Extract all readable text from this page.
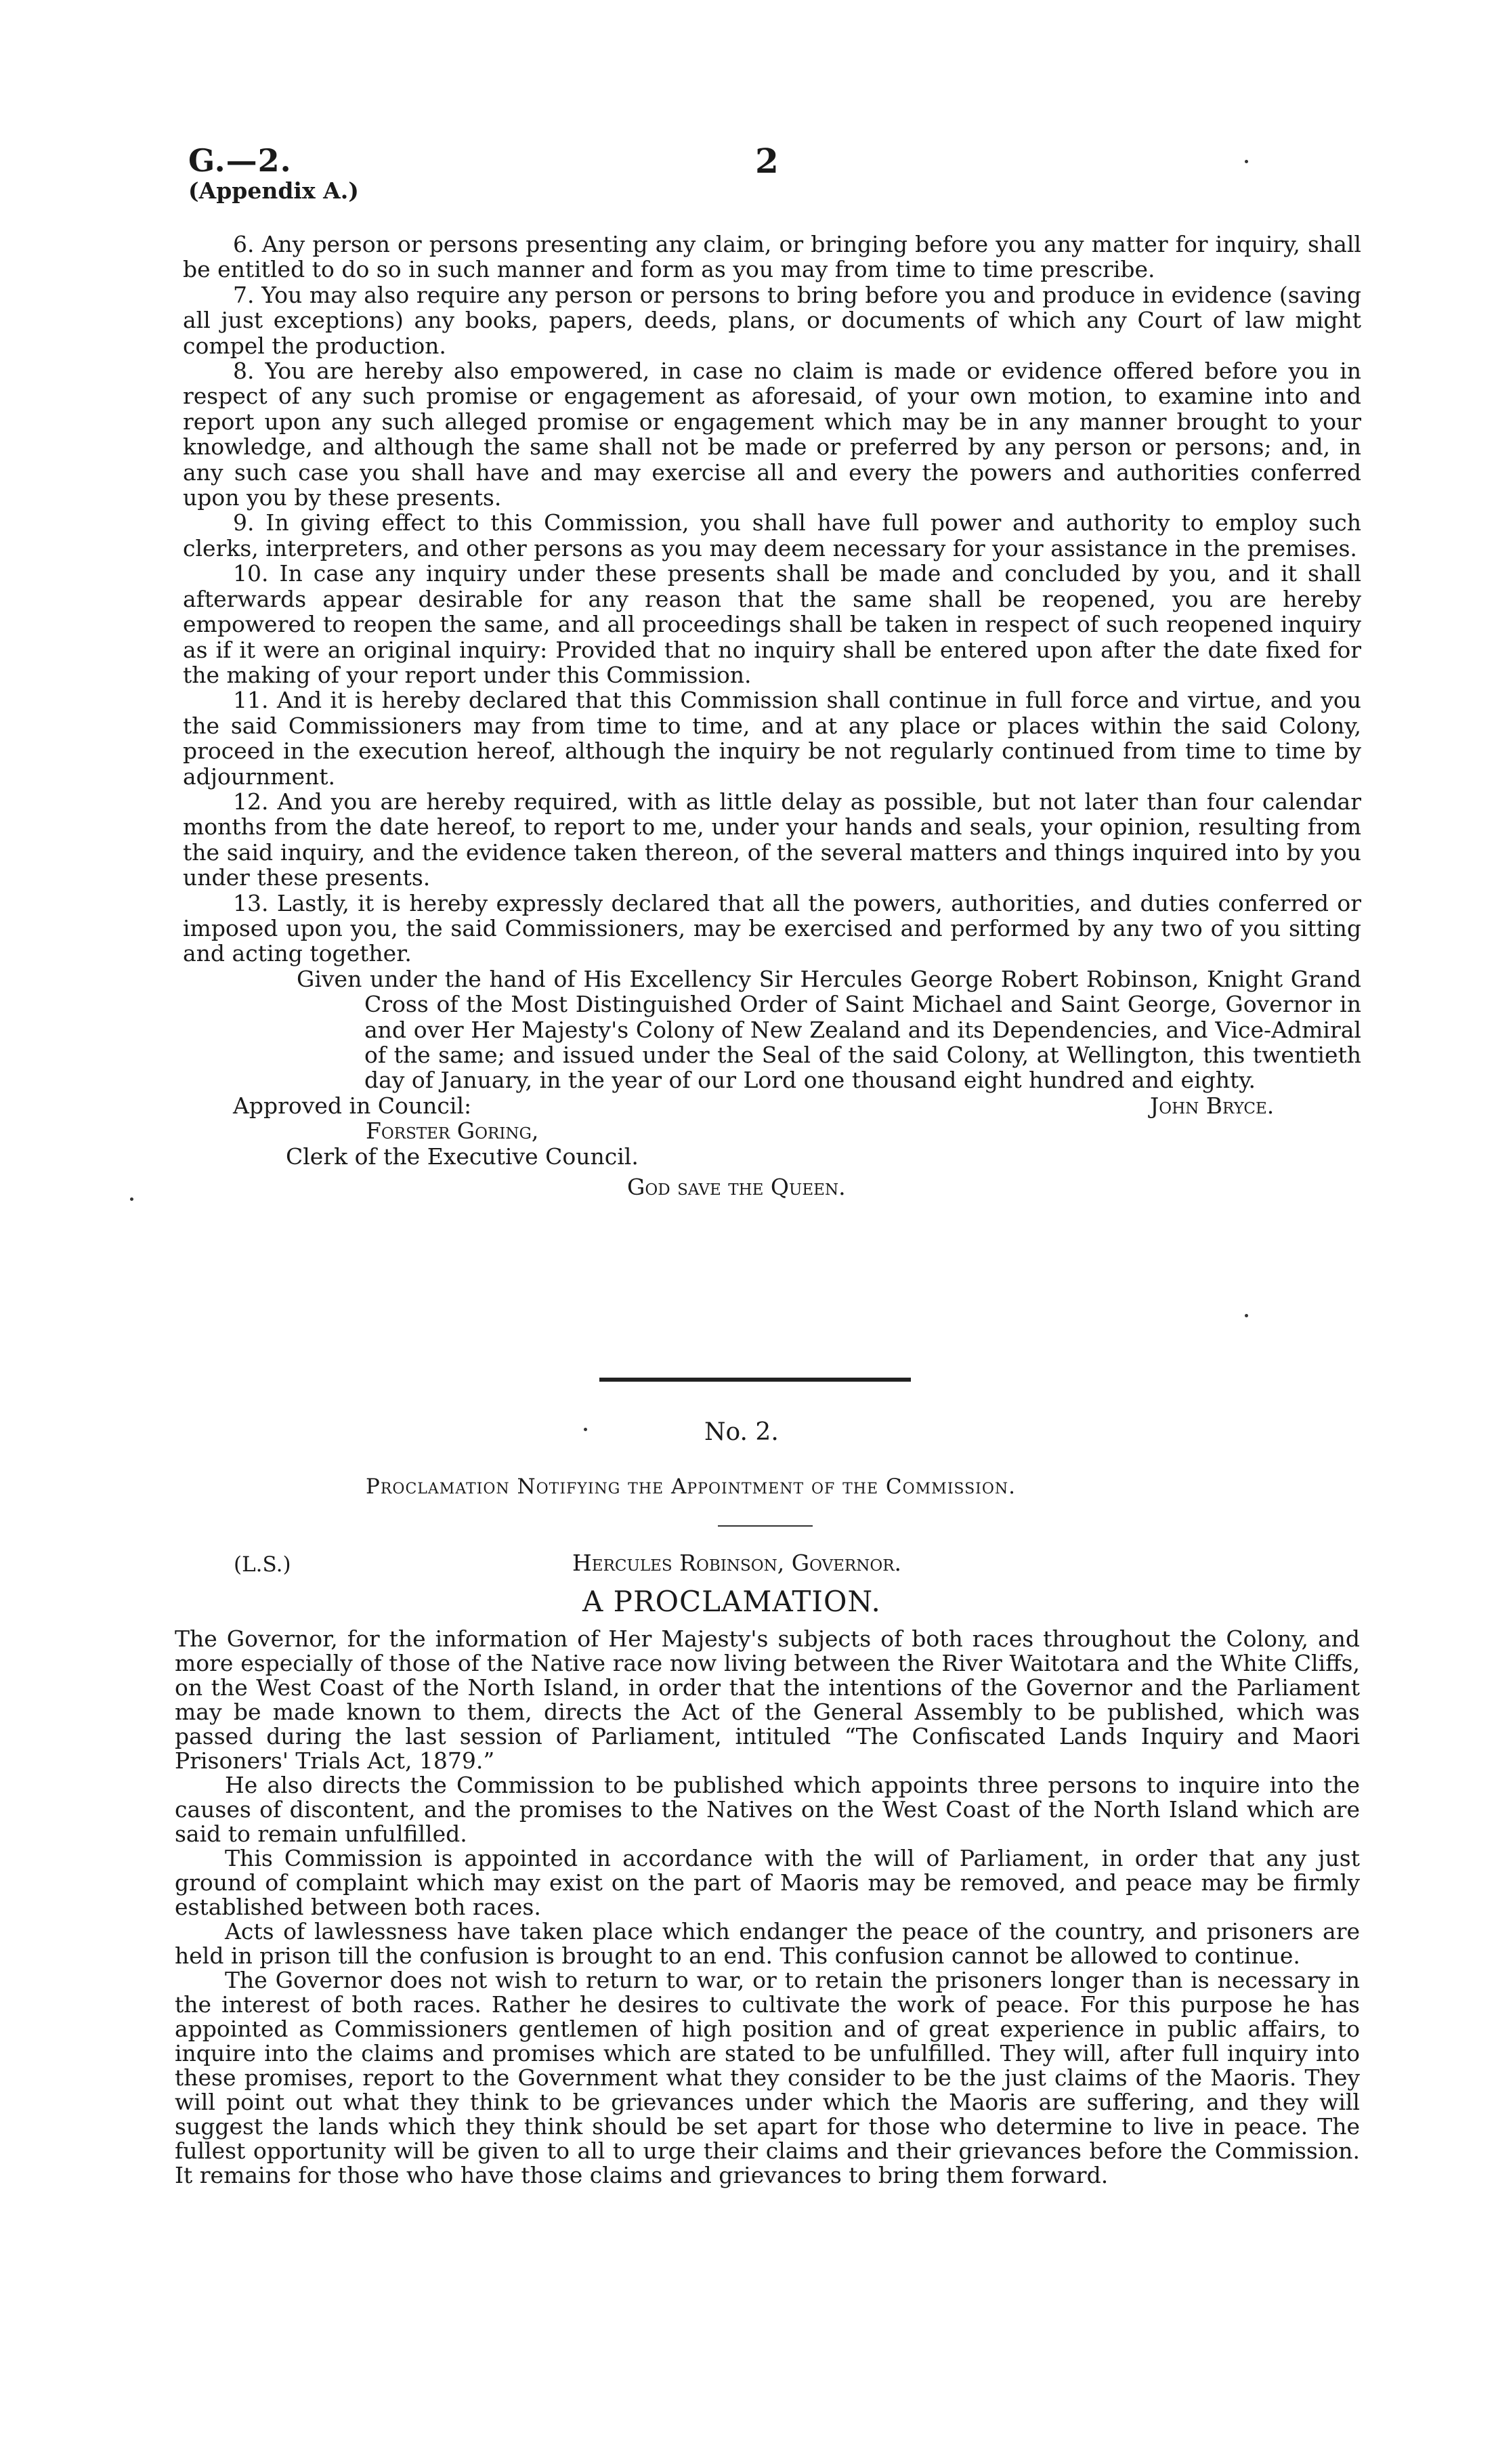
G.—2.
(Appendix A.)
2

6. Any person or persons presenting any claim, or bringing before you any matter for inquiry, shall be entitled to do so in such manner and form as you may from time to time prescribe.

7. You may also require any person or persons to bring before you and produce in evidence (saving all just exceptions) any books, papers, deeds, plans, or documents of which any Court of law might compel the production.

8. You are hereby also empowered, in case no claim is made or evidence offered before you in respect of any such promise or engagement as aforesaid, of your own motion, to examine into and report upon any such alleged promise or engagement which may be in any manner brought to your knowledge, and although the same shall not be made or preferred by any person or persons; and, in any such case you shall have and may exercise all and every the powers and authorities conferred upon you by these presents.

9. In giving effect to this Commission, you shall have full power and authority to employ such clerks, interpreters, and other persons as you may deem necessary for your assistance in the premises.

10. In case any inquiry under these presents shall be made and concluded by you, and it shall afterwards appear desirable for any reason that the same shall be reopened, you are hereby empowered to reopen the same, and all proceedings shall be taken in respect of such reopened inquiry as if it were an original inquiry: Provided that no inquiry shall be entered upon after the date fixed for the making of your report under this Commission.

11. And it is hereby declared that this Commission shall continue in full force and virtue, and you the said Commissioners may from time to time, and at any place or places within the said Colony, proceed in the execution hereof, although the inquiry be not regularly continued from time to time by adjournment.

12. And you are hereby required, with as little delay as possible, but not later than four calendar months from the date hereof, to report to me, under your hands and seals, your opinion, resulting from the said inquiry, and the evidence taken thereon, of the several matters and things inquired into by you under these presents.

13. Lastly, it is hereby expressly declared that all the powers, authorities, and duties conferred or imposed upon you, the said Commissioners, may be exercised and performed by any two of you sitting and acting together.

Given under the hand of His Excellency Sir Hercules George Robert Robinson, Knight Grand Cross of the Most Distinguished Order of Saint Michael and Saint George, Governor in and over Her Majesty's Colony of New Zealand and its Dependencies, and Vice-Admiral of the same; and issued under the Seal of the said Colony, at Wellington, this twentieth day of January, in the year of our Lord one thousand eight hundred and eighty.

Approved in Council:	John Bryce.
Forster Goring,
Clerk of the Executive Council.
God save the Queen.
No. 2.
Proclamation Notifying the Appointment of the Commission.
(L.S.)	Hercules Robinson, Governor.
A PROCLAMATION.

The Governor, for the information of Her Majesty's subjects of both races throughout the Colony, and more especially of those of the Native race now living between the River Waitotara and the White Cliffs, on the West Coast of the North Island, in order that the intentions of the Governor and the Parliament may be made known to them, directs the Act of the General Assembly to be published, which was passed during the last session of Parliament, intituled “The Confiscated Lands Inquiry and Maori Prisoners' Trials Act, 1879.”

He also directs the Commission to be published which appoints three persons to inquire into the causes of discontent, and the promises to the Natives on the West Coast of the North Island which are said to remain unfulfilled.

This Commission is appointed in accordance with the will of Parliament, in order that any just ground of complaint which may exist on the part of Maoris may be removed, and peace may be firmly established between both races.

Acts of lawlessness have taken place which endanger the peace of the country, and prisoners are held in prison till the confusion is brought to an end. This confusion cannot be allowed to continue.

The Governor does not wish to return to war, or to retain the prisoners longer than is necessary in the interest of both races. Rather he desires to cultivate the work of peace. For this purpose he has appointed as Commissioners gentlemen of high position and of great experience in public affairs, to inquire into the claims and promises which are stated to be unfulfilled. They will, after full inquiry into these promises, report to the Government what they consider to be the just claims of the Maoris. They will point out what they think to be grievances under which the Maoris are suffering, and they will suggest the lands which they think should be set apart for those who determine to live in peace. The fullest opportunity will be given to all to urge their claims and their grievances before the Commission. It remains for those who have those claims and grievances to bring them forward.
